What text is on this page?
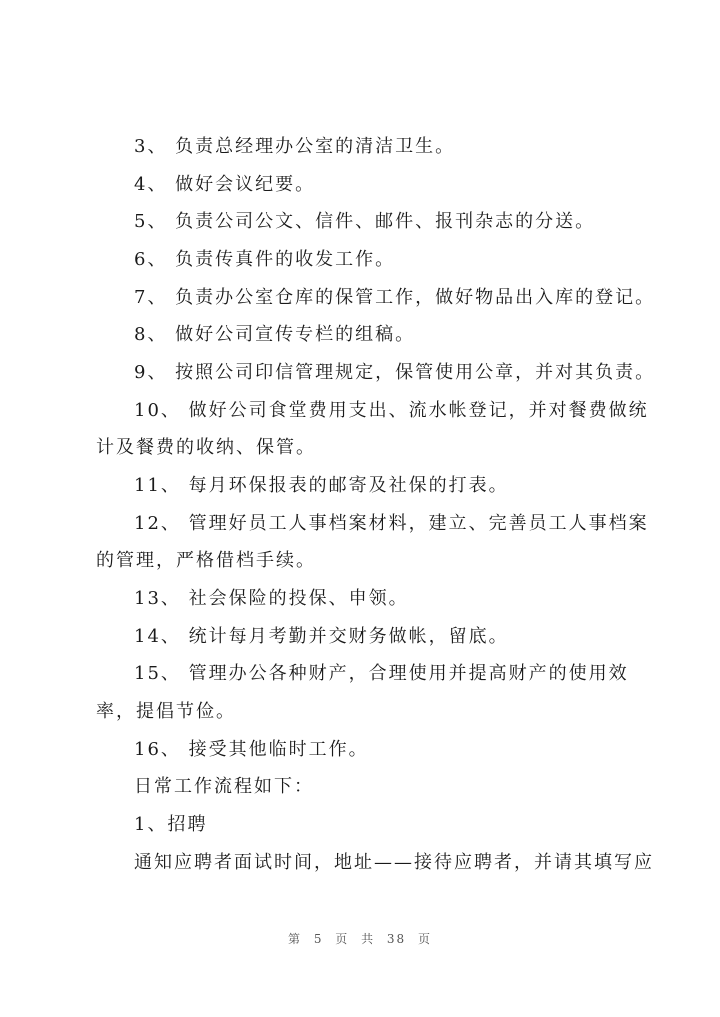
3、 负责总经理办公室的清洁卫生。
4、 做好会议纪要。
5、 负责公司公文、信件、邮件、报刊杂志的分送。
6、 负责传真件的收发工作。
7、 负责办公室仓库的保管工作，做好物品出入库的登记。
8、 做好公司宣传专栏的组稿。
9、 按照公司印信管理规定，保管使用公章，并对其负责。
10、 做好公司食堂费用支出、流水帐登记，并对餐费做统
计及餐费的收纳、保管。
11、 每月环保报表的邮寄及社保的打表。
12、 管理好员工人事档案材料，建立、完善员工人事档案
的管理，严格借档手续。
13、 社会保险的投保、申领。
14、 统计每月考勤并交财务做帐，留底。
15、 管理办公各种财产，合理使用并提高财产的使用效
率，提倡节俭。
16、 接受其他临时工作。
日常工作流程如下：
1、招聘
通知应聘者面试时间，地址——接待应聘者，并请其填写应
第 5 页 共 38 页
